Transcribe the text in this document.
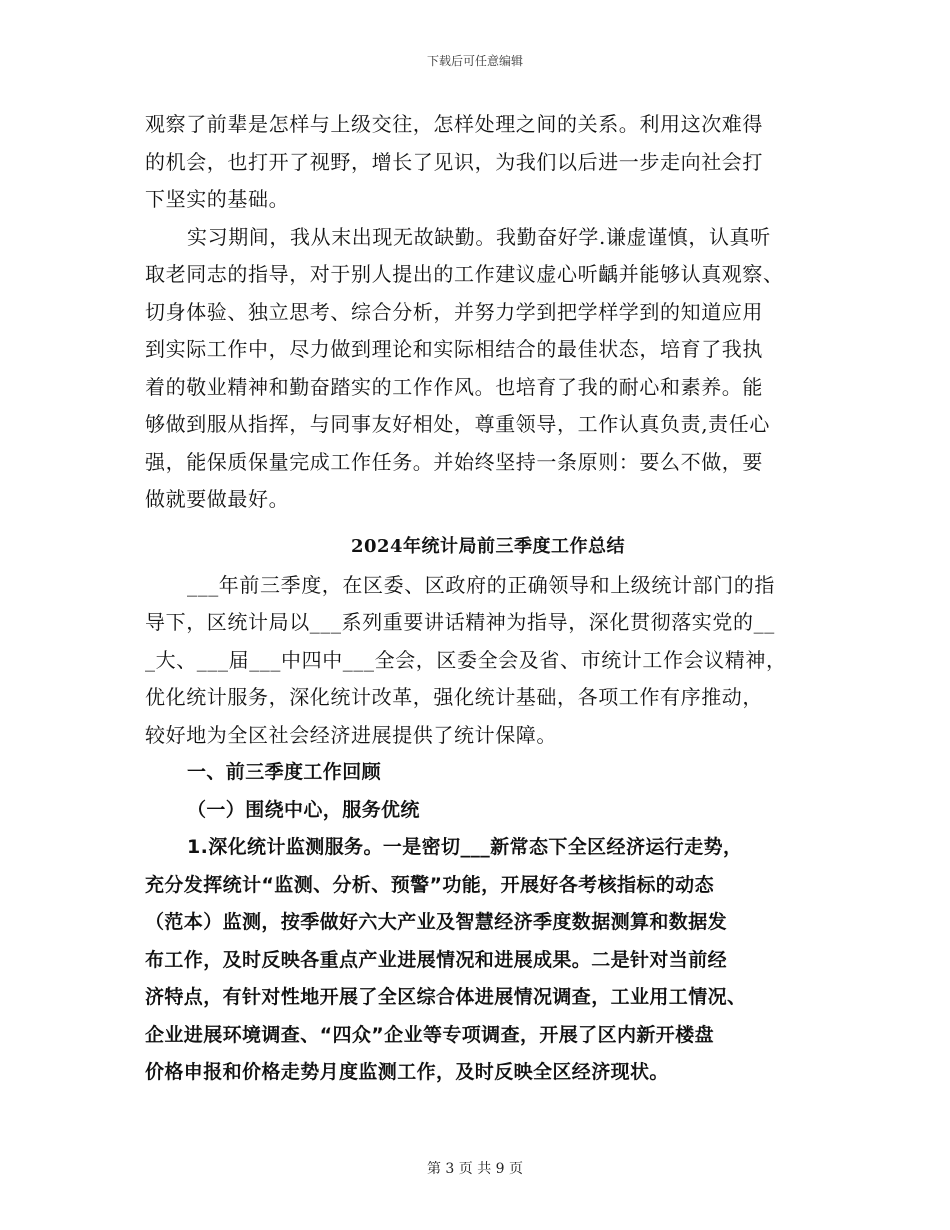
下载后可任意编辑
观察了前辈是怎样与上级交往，怎样处理之间的关系。利用这次难得
的机会，也打开了视野，增长了见识，为我们以后进一步走向社会打
下坚实的基础。
实习期间，我从末出现无故缺勤。我勤奋好学.谦虚谨慎，认真听
取老同志的指导，对于别人提出的工作建议虚心听齲并能够认真观察、
切身体验、独立思考、综合分析，并努力学到把学样学到的知道应用
到实际工作中，尽力做到理论和实际相结合的最佳状态，培育了我执
着的敬业精神和勤奋踏实的工作作风。也培育了我的耐心和素养。能
够做到服从指挥，与同事友好相处，尊重领导，工作认真负责,责任心
强，能保质保量完成工作任务。并始终坚持一条原则：要么不做，要
做就要做最好。
2024年统计局前三季度工作总结
___年前三季度，在区委、区政府的正确领导和上级统计部门的指
导下，区统计局以___系列重要讲话精神为指导，深化贯彻落实党的__
_大、___届___中四中___全会，区委全会及省、市统计工作会议精神，
优化统计服务，深化统计改革，强化统计基础，各项工作有序推动，
较好地为全区社会经济进展提供了统计保障。
一、前三季度工作回顾
（一）围绕中心，服务优统
1.深化统计监测服务。一是密切___新常态下全区经济运行走势，
充分发挥统计“监测、分析、预警”功能，开展好各考核指标的动态
（范本）监测，按季做好六大产业及智慧经济季度数据测算和数据发
布工作，及时反映各重点产业进展情况和进展成果。二是针对当前经
济特点，有针对性地开展了全区综合体进展情况调查，工业用工情况、
企业进展环境调查、“四众”企业等专项调查，开展了区内新开楼盘
价格申报和价格走势月度监测工作，及时反映全区经济现状。
第 3 页 共 9 页
